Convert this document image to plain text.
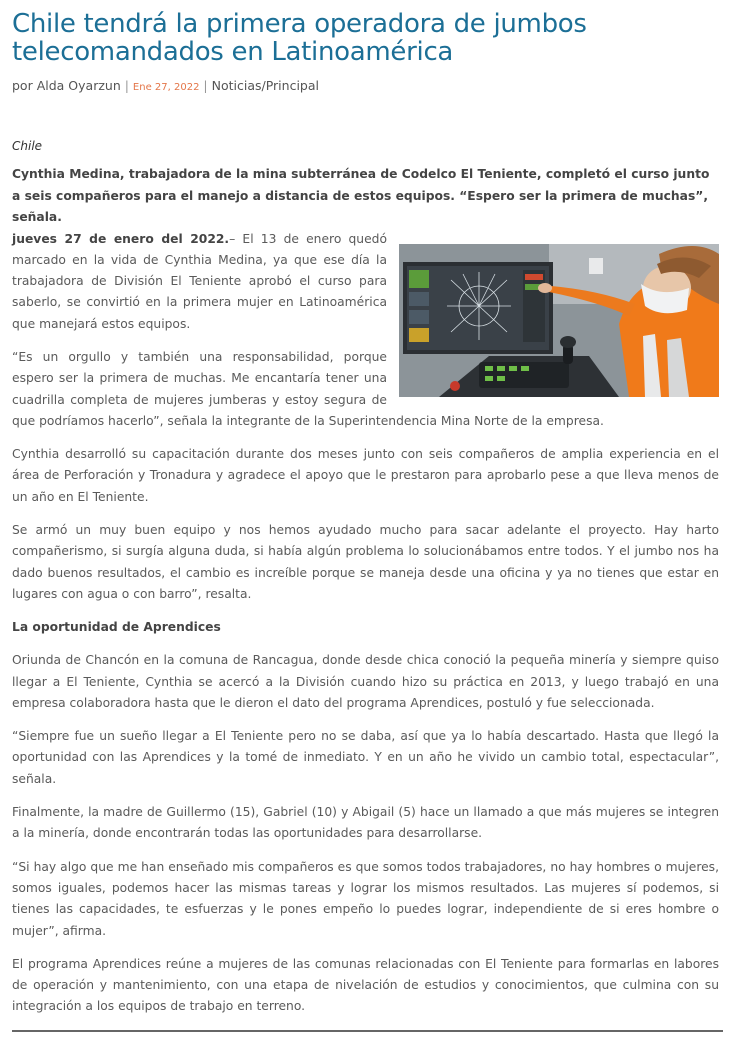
Chile tendrá la primera operadora de jumbos telecomandados en Latinoamérica
por Alda Oyarzun | Ene 27, 2022 | Noticias/Principal
Chile
Cynthia Medina, trabajadora de la mina subterránea de Codelco El Teniente, completó el curso junto a seis compañeros para el manejo a distancia de estos equipos. “Espero ser la primera de muchas”, señala.

jueves 27 de enero del 2022.– El 13 de enero quedó marcado en la vida de Cynthia Medina, ya que ese día la trabajadora de División El Teniente aprobó el curso para saberlo, se convirtió en la primera mujer en Latinoamérica que manejará estos equipos.

“Es un orgullo y también una responsabilidad, porque espero ser la primera de muchas. Me encantaría tener una cuadrilla completa de mujeres jumberas y estoy segura de que podríamos hacerlo”, señala la integrante de la Superintendencia Mina Norte de la empresa.

Cynthia desarrolló su capacitación durante dos meses junto con seis compañeros de amplia experiencia en el área de Perforación y Tronadura y agradece el apoyo que le prestaron para aprobarlo pese a que lleva menos de un año en El Teniente.

Se armó un muy buen equipo y nos hemos ayudado mucho para sacar adelante el proyecto. Hay harto compañerismo, si surgía alguna duda, si había algún problema lo solucionábamos entre todos. Y el jumbo nos ha dado buenos resultados, el cambio es increíble porque se maneja desde una oficina y ya no tienes que estar en lugares con agua o con barro”, resalta.

La oportunidad de Aprendices

Oriunda de Chancón en la comuna de Rancagua, donde desde chica conoció la pequeña minería y siempre quiso llegar a El Teniente, Cynthia se acercó a la División cuando hizo su práctica en 2013, y luego trabajó en una empresa colaboradora hasta que le dieron el dato del programa Aprendices, postuló y fue seleccionada.

“Siempre fue un sueño llegar a El Teniente pero no se daba, así que ya lo había descartado. Hasta que llegó la oportunidad con las Aprendices y la tomé de inmediato. Y en un año he vivido un cambio total, espectacular”, señala.

Finalmente, la madre de Guillermo (15), Gabriel (10) y Abigail (5) hace un llamado a que más mujeres se integren a la minería, donde encontrarán todas las oportunidades para desarrollarse.

“Si hay algo que me han enseñado mis compañeros es que somos todos trabajadores, no hay hombres o mujeres, somos iguales, podemos hacer las mismas tareas y lograr los mismos resultados. Las mujeres sí podemos, si tienes las capacidades, te esfuerzas y le pones empeño lo puedes lograr, independiente de si eres hombre o mujer”, afirma.

El programa Aprendices reúne a mujeres de las comunas relacionadas con El Teniente para formarlas en labores de operación y mantenimiento, con una etapa de nivelación de estudios y conocimientos, que culmina con su integración a los equipos de trabajo en terreno.
